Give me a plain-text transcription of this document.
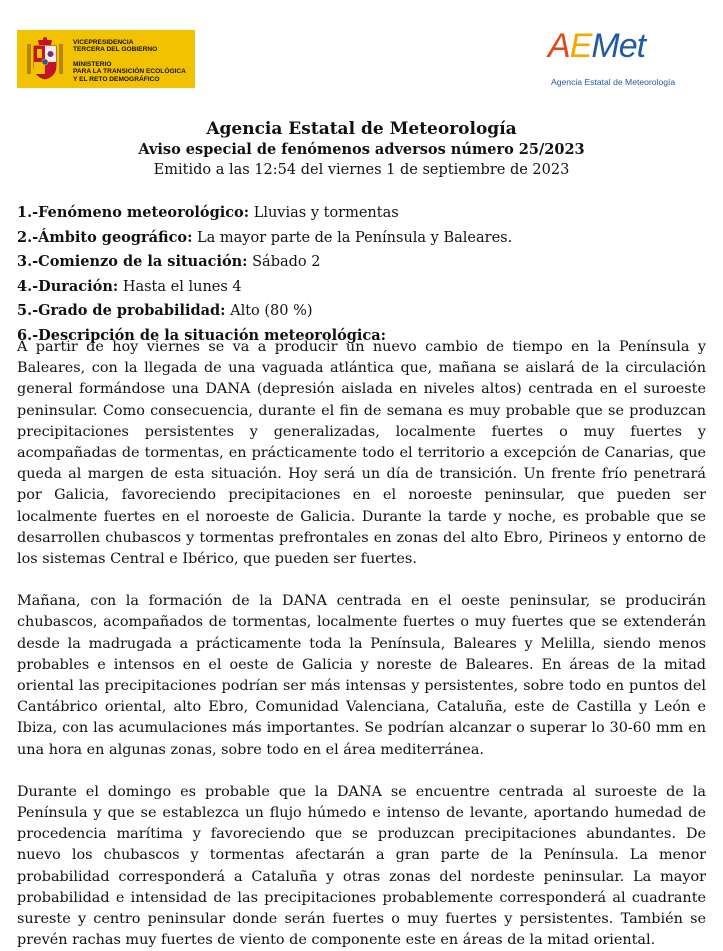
VICEPRESIDENCIA
TERCERA DEL GOBIERNO
MINISTERIO
PARA LA TRANSICIÓN ECOLÓGICA
Y EL RETO DEMOGRÁFICO
AEMet
Agencia Estatal de Meteorología
Agencia Estatal de Meteorología
Aviso especial de fenómenos adversos número 25/2023
Emitido a las 12:54 del viernes 1 de septiembre de 2023
1.-Fenómeno meteorológico: Lluvias y tormentas
2.-Ámbito geográfico: La mayor parte de la Península y Baleares.
3.-Comienzo de la situación: Sábado 2
4.-Duración: Hasta el lunes 4
5.-Grado de probabilidad: Alto (80 %)
6.-Descripción de la situación meteorológica:

A partir de hoy viernes se va a producir un nuevo cambio de tiempo en la Península y Baleares, con la llegada de una vaguada atlántica que, mañana se aislará de la circulación general formándose una DANA (depresión aislada en niveles altos) centrada en el suroeste peninsular. Como consecuencia, durante el fin de semana es muy probable que se produzcan precipitaciones persistentes y generalizadas, localmente fuertes o muy fuertes y acompañadas de tormentas, en prácticamente todo el territorio a excepción de Canarias, que queda al margen de esta situación. Hoy será un día de transición. Un frente frío penetrará por Galicia, favoreciendo precipitaciones en el noroeste peninsular, que pueden ser localmente fuertes en el noroeste de Galicia. Durante la tarde y noche, es probable que se desarrollen chubascos y tormentas prefrontales en zonas del alto Ebro, Pirineos y entorno de los sistemas Central e Ibérico, que pueden ser fuertes.

Mañana, con la formación de la DANA centrada en el oeste peninsular, se producirán chubascos, acompañados de tormentas, localmente fuertes o muy fuertes que se extenderán desde la madrugada a prácticamente toda la Península, Baleares y Melilla, siendo menos probables e intensos en el oeste de Galicia y noreste de Baleares. En áreas de la mitad oriental las precipitaciones podrían ser más intensas y persistentes, sobre todo en puntos del Cantábrico oriental, alto Ebro, Comunidad Valenciana, Cataluña, este de Castilla y León e Ibiza, con las acumulaciones más importantes. Se podrían alcanzar o superar lo 30-60 mm en una hora en algunas zonas, sobre todo en el área mediterránea.

Durante el domingo es probable que la DANA se encuentre centrada al suroeste de la Península y que se establezca un flujo húmedo e intenso de levante, aportando humedad de procedencia marítima y favoreciendo que se produzcan precipitaciones abundantes. De nuevo los chubascos y tormentas afectarán a gran parte de la Península. La menor probabilidad corresponderá a Cataluña y otras zonas del nordeste peninsular. La mayor probabilidad e intensidad de las precipitaciones probablemente corresponderá al cuadrante sureste y centro peninsular donde serán fuertes o muy fuertes y persistentes. También se prevén rachas muy fuertes de viento de componente este en áreas de la mitad oriental.
